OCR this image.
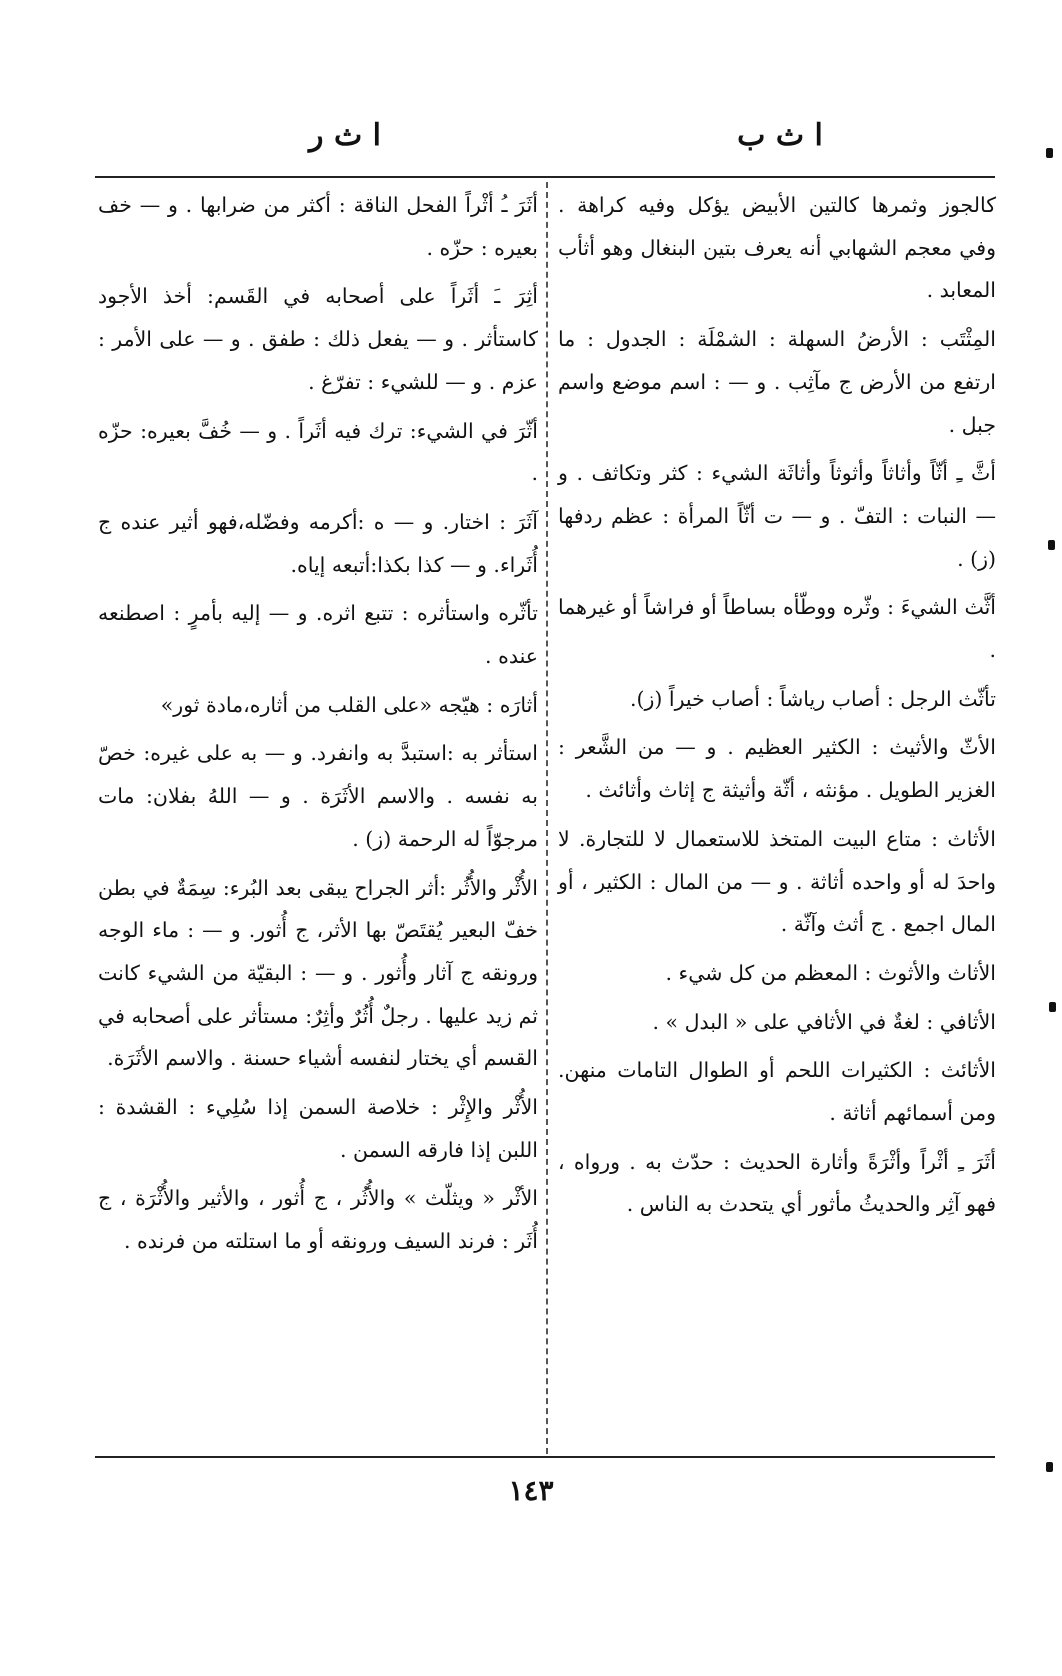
ا ث ب
ا ث ر

كالجوز وثمرها كالتين الأبيض يؤكل وفيه كراهة . وفي معجم الشهابي أنه يعرف بتين البنغال وهو أثأب المعابد .

المِثْتَب : الأرضُ السهلة : الشمْلَة : الجدول : ما ارتفع من الأرض ج مآثِب . و — : اسم موضع واسم جبل .

أثَّ ـِ أثّاً وأثاثاً وأثوثاً وأثاثَة الشيء : كثر وتكاثف . و — النبات : التفّ . و — ت أثّاً المرأة : عظم ردفها (ز) .

أثَّث الشيءَ : وثّره ووطّأه بساطاً أو فراشاً أو غيرهما .

تأثّث الرجل : أصاب رياشاً : أصاب خيراً (ز).

الأثّ والأثيث : الكثير العظيم . و — من الشَّعر : الغزير الطويل . مؤنثه ، أثّة وأثيثة ج إثاث وأثائث .

الأثاث : متاع البيت المتخذ للاستعمال لا للتجارة. لا واحدَ له أو واحده أثاثة . و — من المال : الكثير ، أو المال اجمع . ج أثث وآثّة .

الأثاث والأثوث : المعظم من كل شيء .

الأثافي : لغةٌ في الأثافي على « البدل » .

الأثائث : الكثيرات اللحم أو الطوال التامات منهن. ومن أسمائهم أثاثة .

أثَرَ ـِ أثْراً وأثْرَةً وأثارة الحديث : حدّث به . ورواه ، فهو آثِر والحديثُ مأثور أي يتحدث به الناس .

أثَرَ ـُ أثْراً الفحل الناقة : أكثر من ضرابها . و — خف بعيره : حزّه .

أثِرَ ـَ أثَراً على أصحابه في القَسم: أخذ الأجود كاستأثر . و — يفعل ذلك : طفق . و — على الأمر : عزم . و — للشيء : تفرّغ .

أثّرَ في الشيء: ترك فيه أثَراً . و — خُفَّ بعيره: حزّه .

آثَرَ : اختار. و — ه :أكرمه وفضّله،فهو أثير عنده ج أُثَراء. و — كذا بكذا:أتبعه إياه.

تأثّره واستأثره : تتبع اثره. و — إليه بأمرٍ : اصطنعه عنده .

أثارَه : هيّجه «على القلب من أثاره،مادة ثور»

استأثر به :استبدَّ به وانفرد. و — به على غيره: خصّ به نفسه . والاسم الأثَرَة . و — اللهُ بفلان: مات مرجوّاً له الرحمة (ز) .

الأُثْر والأُثُر :أثر الجراح يبقى بعد البُرء: سِمَةٌ في بطن خفّ البعير يُقتَصّ بها الأثر، ج أُثور. و — : ماء الوجه ورونقه ج آثار وأُثور . و — : البقيّة من الشيء كانت ثم زيد عليها . رجلٌ أُثُرٌ وأثِرٌ: مستأثر على أصحابه في القسم أي يختار لنفسه أشياء حسنة . والاسم الأثَرَة.

الأُثْر والإِثْر : خلاصة السمن إذا سُلِيء : القشدة : اللبن إذا فارقه السمن .

الأثْر « ويثلّث » والأُثُر ، ج أُثور ، والأثير والأُثْرَة ، ج أُثَر : فرند السيف ورونقه أو ما استلته من فرنده .

١٤٣
